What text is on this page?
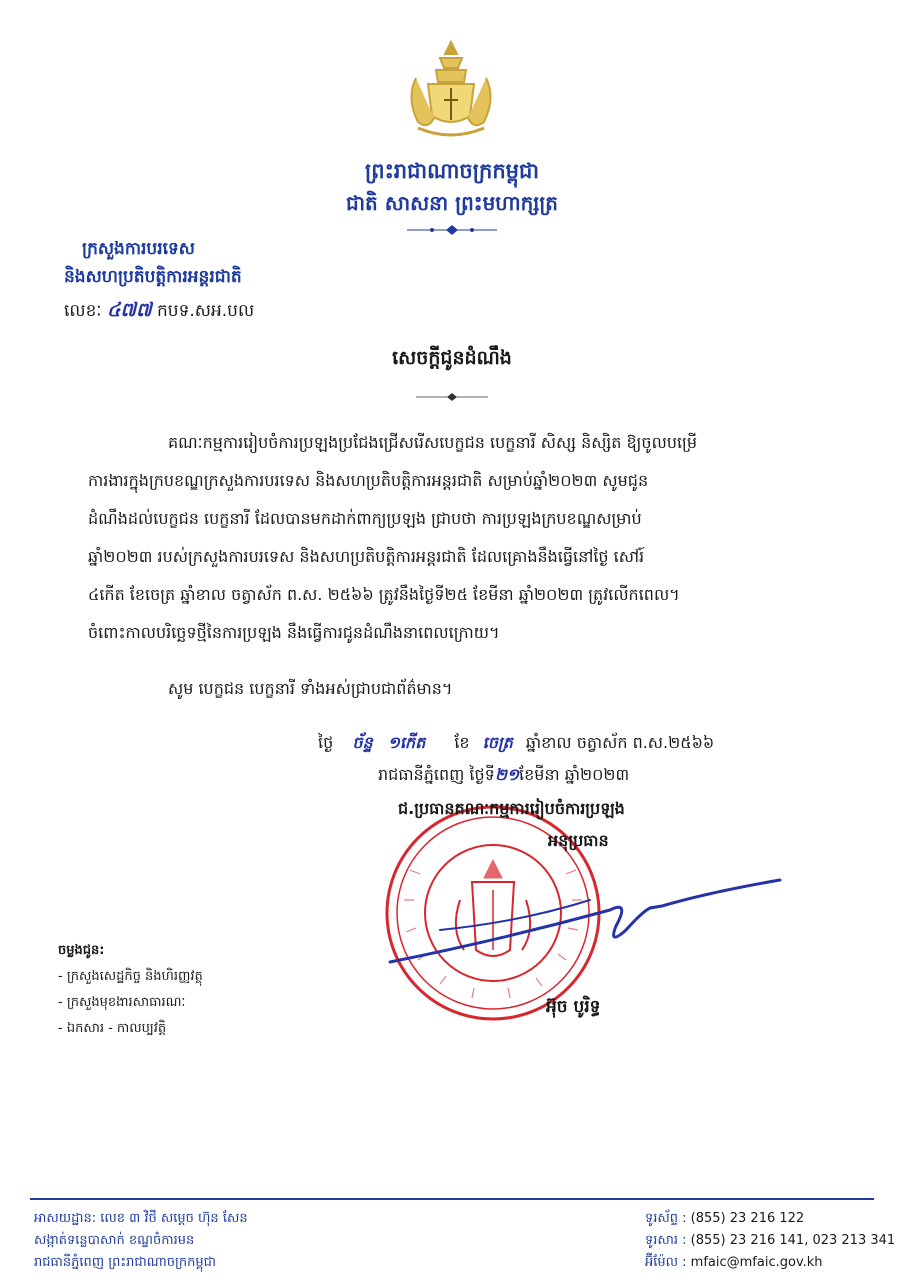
ព្រះរាជាណាចក្រកម្ពុជា
ជាតិ សាសនា ព្រះមហាក្សត្រ
ក្រសួងការបរទេស
និងសហប្រតិបត្តិការអន្តរជាតិ
លេខៈ ៤៧៧ កបទ.សអ.បល
សេចក្តីជូនដំណឹង

គណៈកម្មការរៀបចំការប្រឡងប្រជែងជ្រើសរើសបេក្ខជន បេក្ខនារី សិស្ស និស្សិត ឱ្យចូលបម្រើ

ការងារក្នុងក្របខណ្ឌក្រសួងការបរទេស និងសហប្រតិបត្តិការអន្តរជាតិ សម្រាប់ឆ្នាំ២០២៣ សូមជូន

ដំណឹងដល់បេក្ខជន បេក្ខនារី ដែលបានមកដាក់ពាក្យប្រឡង ជ្រាបថា ការប្រឡងក្របខណ្ឌសម្រាប់

ឆ្នាំ២០២៣ របស់ក្រសួងការបរទេស និងសហប្រតិបត្តិការអន្តរជាតិ ដែលគ្រោងនឹងធ្វើនៅថ្ងៃ សៅរ៍

៤កើត ខែចេត្រ ឆ្នាំខាល ចត្វាស័ក ព.ស. ២៥៦៦ ត្រូវនឹងថ្ងៃទី២៥ ខែមីនា ឆ្នាំ២០២៣ ត្រូវលើកពេល។

ចំពោះកាលបរិច្ឆេទថ្មីនៃការប្រឡង នឹងធ្វើការជូនដំណឹងនាពេលក្រោយ។

សូម បេក្ខជន បេក្ខនារី ទាំងអស់ជ្រាបជាព័ត៌មាន។
ថ្ងៃ ច័ន្ទ ១កើត ខែ ចេត្រ ឆ្នាំខាល ចត្វាស័ក ព.ស.២៥៦៦
រាជធានីភ្នំពេញ ថ្ងៃទី២១ខែមីនា ឆ្នាំ២០២៣
ជ.ប្រធានគណៈកម្មការរៀបចំការប្រឡង
អនុប្រធាន
អ៊ុច បូរិទ្ធ
ចម្លងជូន:
- ក្រសួងសេដ្ឋកិច្ច និងហិរញ្ញវត្ថុ
- ក្រសួងមុខងារសាធារណៈ
- ឯកសារ - កាលប្បវត្តិ
អាសយដ្ឋាន: លេខ ៣ វិថី សម្តេច ហ៊ុន សែន
សង្កាត់ទន្លេបាសាក់ ខណ្ឌចំការមន
រាជធានីភ្នំពេញ ព្រះរាជាណាចក្រកម្ពុជា
ទូរស័ព្ទ : (855) 23 216 122
ទូរសារ : (855) 23 216 141, 023 213 341
អ៊ីម៉ែល : mfaic@mfaic.gov.kh
